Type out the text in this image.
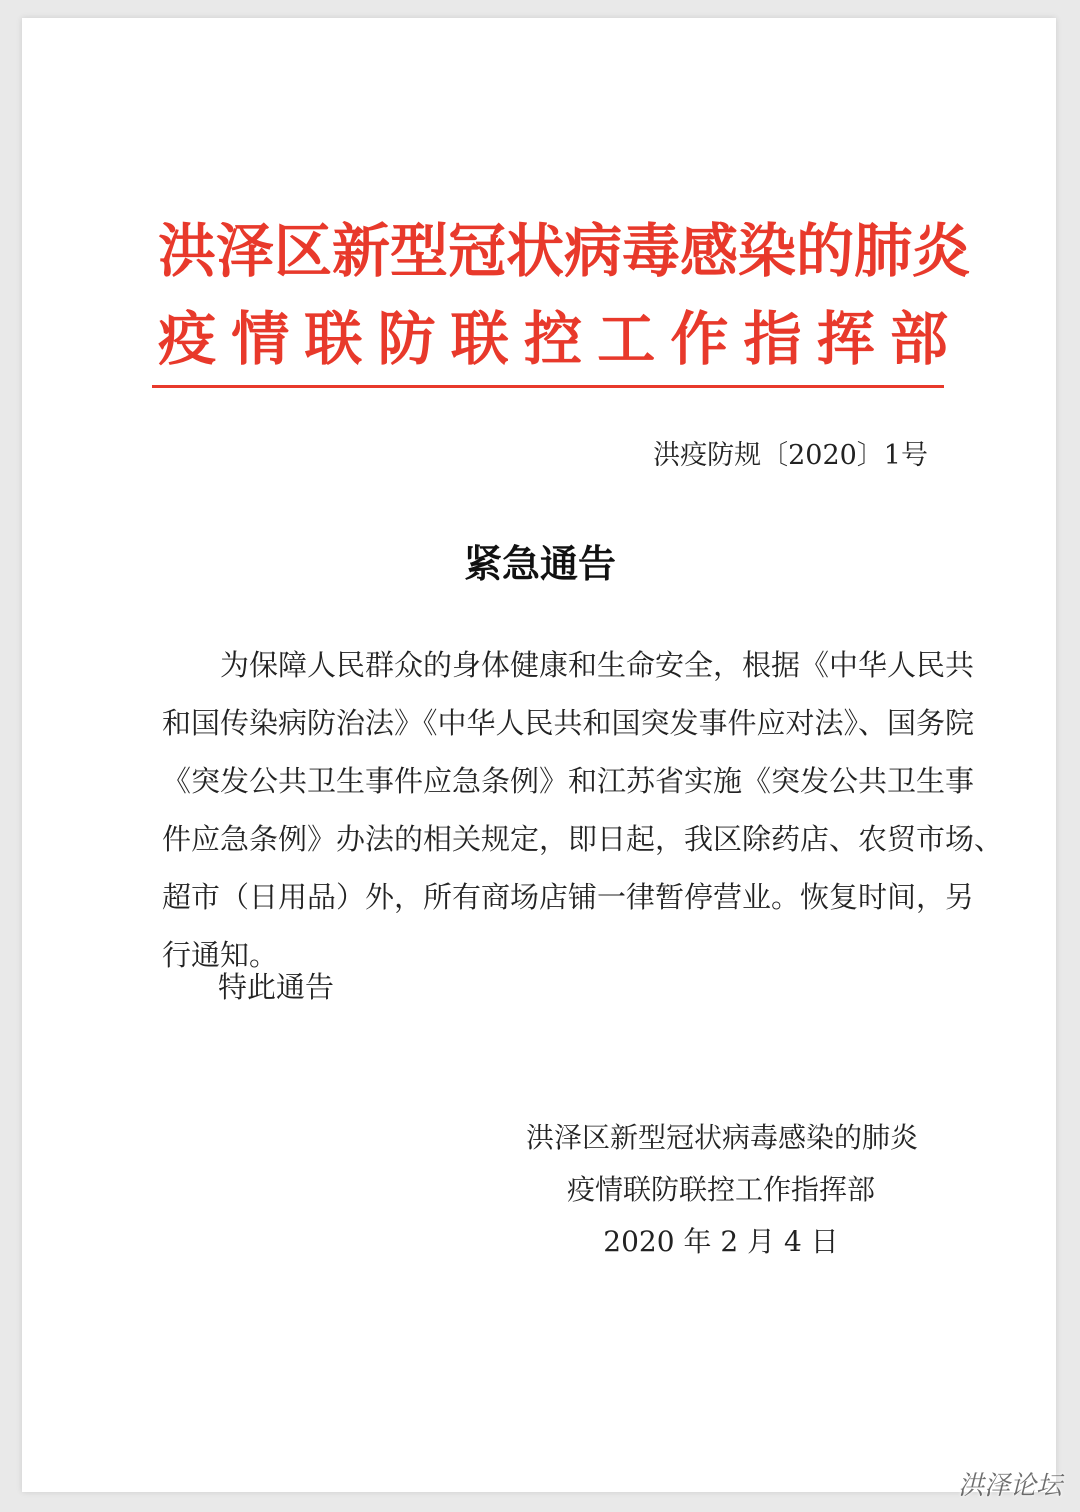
洪泽区新型冠状病毒感染的肺炎
疫情联防联控工作指挥部
洪疫防规〔2020〕1号
紧急通告
为保障人民群众的身体健康和生命安全，根据《中华人民共
和国传染病防治法》《中华人民共和国突发事件应对法》、国务院
《突发公共卫生事件应急条例》和江苏省实施《突发公共卫生事
件应急条例》办法的相关规定，即日起，我区除药店、农贸市场、
超市（日用品）外，所有商场店铺一律暂停营业。恢复时间，另
行通知。
特此通告
洪泽区新型冠状病毒感染的肺炎
疫情联防联控工作指挥部
2020 年 2 月 4 日
洪泽论坛
